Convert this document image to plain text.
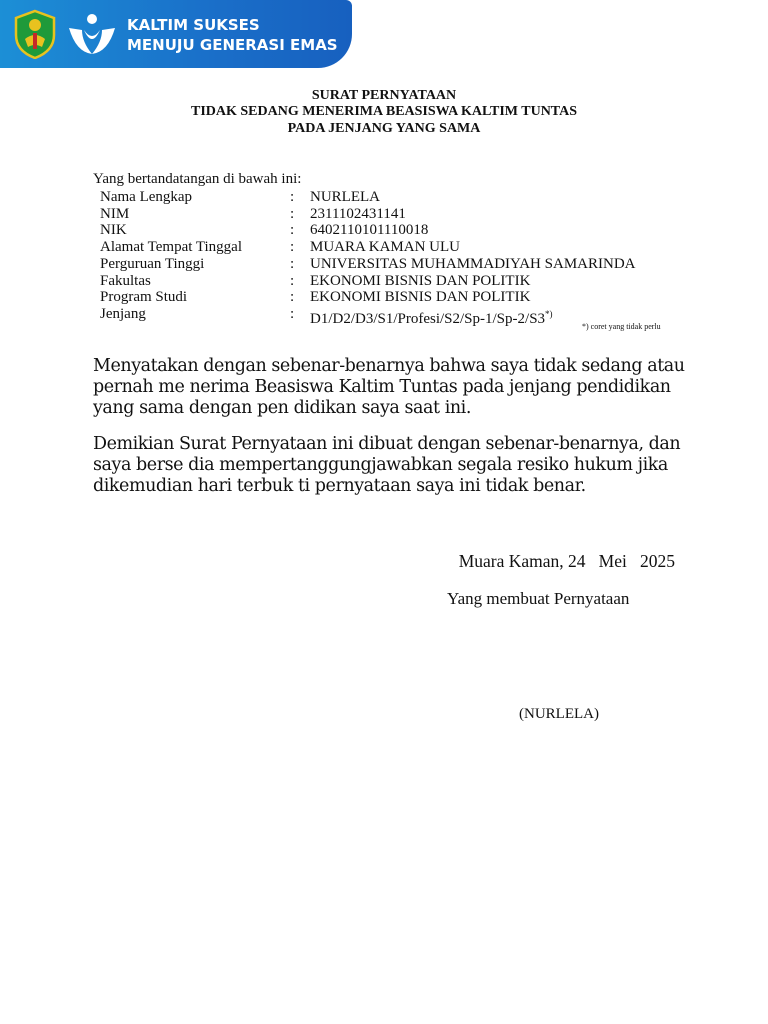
KALTIM SUKSES
MENUJU GENERASI EMAS
SURAT PERNYATAAN
TIDAK SEDANG MENERIMA BEASISWA KALTIM TUNTAS
PADA JENJANG YANG SAMA
Yang bertandatangan di bawah ini:
Nama Lengkap	: NURLELA
NIM	: 2311102431141
NIK	: 6402110101110018
Alamat Tempat Tinggal	: MUARA KAMAN ULU
Perguruan Tinggi	: UNIVERSITAS MUHAMMADIYAH SAMARINDA
Fakultas	: EKONOMI BISNIS DAN POLITIK
Program Studi	: EKONOMI BISNIS DAN POLITIK
Jenjang	: D1/D2/D3/S1/Profesi/S2/Sp-1/Sp-2/S3*)
*) coret yang tidak perlu
Menyatakan dengan sebenar-benarnya bahwa saya tidak sedang atau pernah me nerima Beasiswa Kaltim Tuntas pada jenjang pendidikan yang sama dengan pen didikan saya saat ini.
Demikian Surat Pernyataan ini dibuat dengan sebenar-benarnya, dan saya berse dia mempertanggungjawabkan segala resiko hukum jika dikemudian hari terbuk ti pernyataan saya ini tidak benar.
Muara Kaman, 24   Mei   2025
Yang membuat Pernyataan
(NURLELA)
